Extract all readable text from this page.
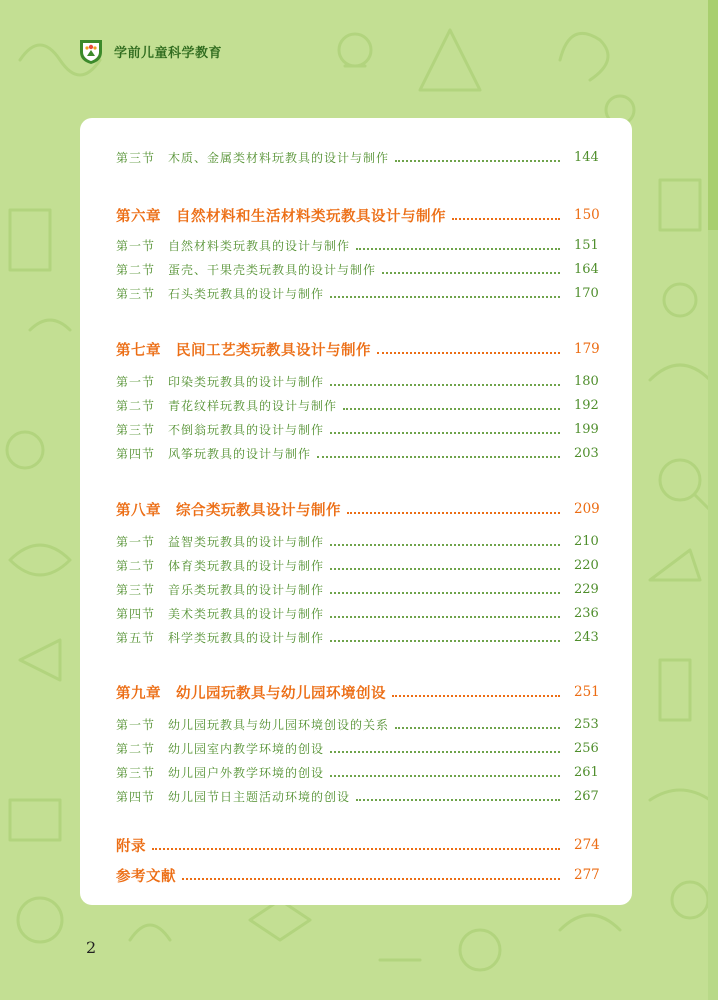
学前儿童科学教育
第三节　木质、金属类材料玩教具的设计与制作	144
第六章　自然材料和生活材料类玩教具设计与制作	150
第一节　自然材料类玩教具的设计与制作	151
第二节　蛋壳、干果壳类玩教具的设计与制作	164
第三节　石头类玩教具的设计与制作	170
第七章　民间工艺类玩教具设计与制作	179
第一节　印染类玩教具的设计与制作	180
第二节　青花纹样玩教具的设计与制作	192
第三节　不倒翁玩教具的设计与制作	199
第四节　风筝玩教具的设计与制作	203
第八章　综合类玩教具设计与制作	209
第一节　益智类玩教具的设计与制作	210
第二节　体育类玩教具的设计与制作	220
第三节　音乐类玩教具的设计与制作	229
第四节　美术类玩教具的设计与制作	236
第五节　科学类玩教具的设计与制作	243
第九章　幼儿园玩教具与幼儿园环境创设	251
第一节　幼儿园玩教具与幼儿园环境创设的关系	253
第二节　幼儿园室内教学环境的创设	256
第三节　幼儿园户外教学环境的创设	261
第四节　幼儿园节日主题活动环境的创设	267
附录	274
参考文献	277
2
